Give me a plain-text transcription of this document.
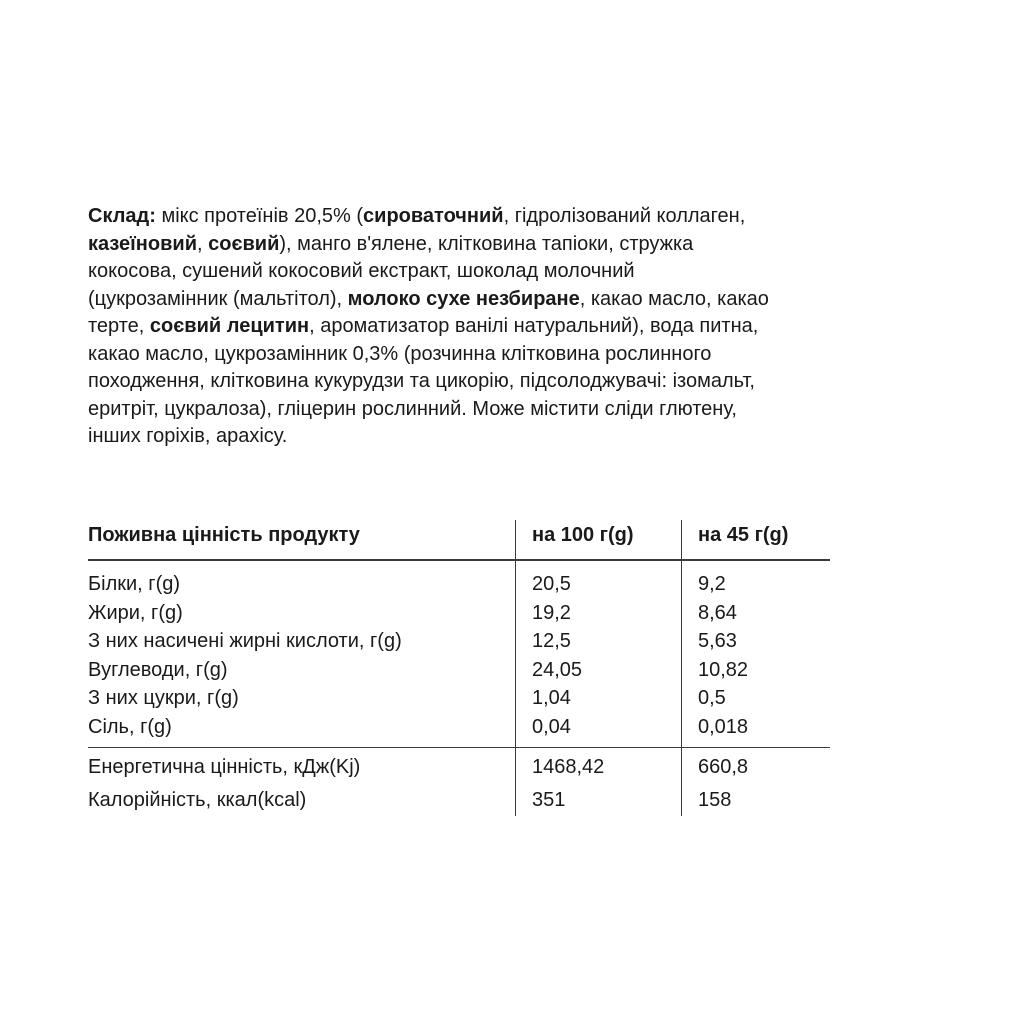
Склад: мікс протеїнів 20,5% (сироваточний, гідролізований коллаген,
казеїновий, соєвий), манго в'ялене, клітковина тапіоки, стружка
кокосова, сушений кокосовий екстракт, шоколад молочний
(цукрозамінник (мальтітол), молоко сухе незбиране, какао масло, какао
терте, соєвий лецитин, ароматизатор ванілі натуральний), вода питна,
какао масло, цукрозамінник 0,3% (розчинна клітковина рослинного
походження, клітковина кукурудзи та цикорію, підсолоджувачі: ізомальт,
еритріт, цукралоза), гліцерин рослинний. Може містити сліди глютену,
інших горіхів, арахісу.
Поживна цінність продукту	на 100 г(g)	на 45 г(g)
Білки, г(g)	20,5	9,2
Жири, г(g)	19,2	8,64
З них насичені жирні кислоти, г(g)	12,5	5,63
Вуглеводи, г(g)	24,05	10,82
З них цукри, г(g)	1,04	0,5
Сіль, г(g)	0,04	0,018
Енергетична цінність, кДж(Kj)	1468,42	660,8
Калорійність, ккал(kcal)	351	158
